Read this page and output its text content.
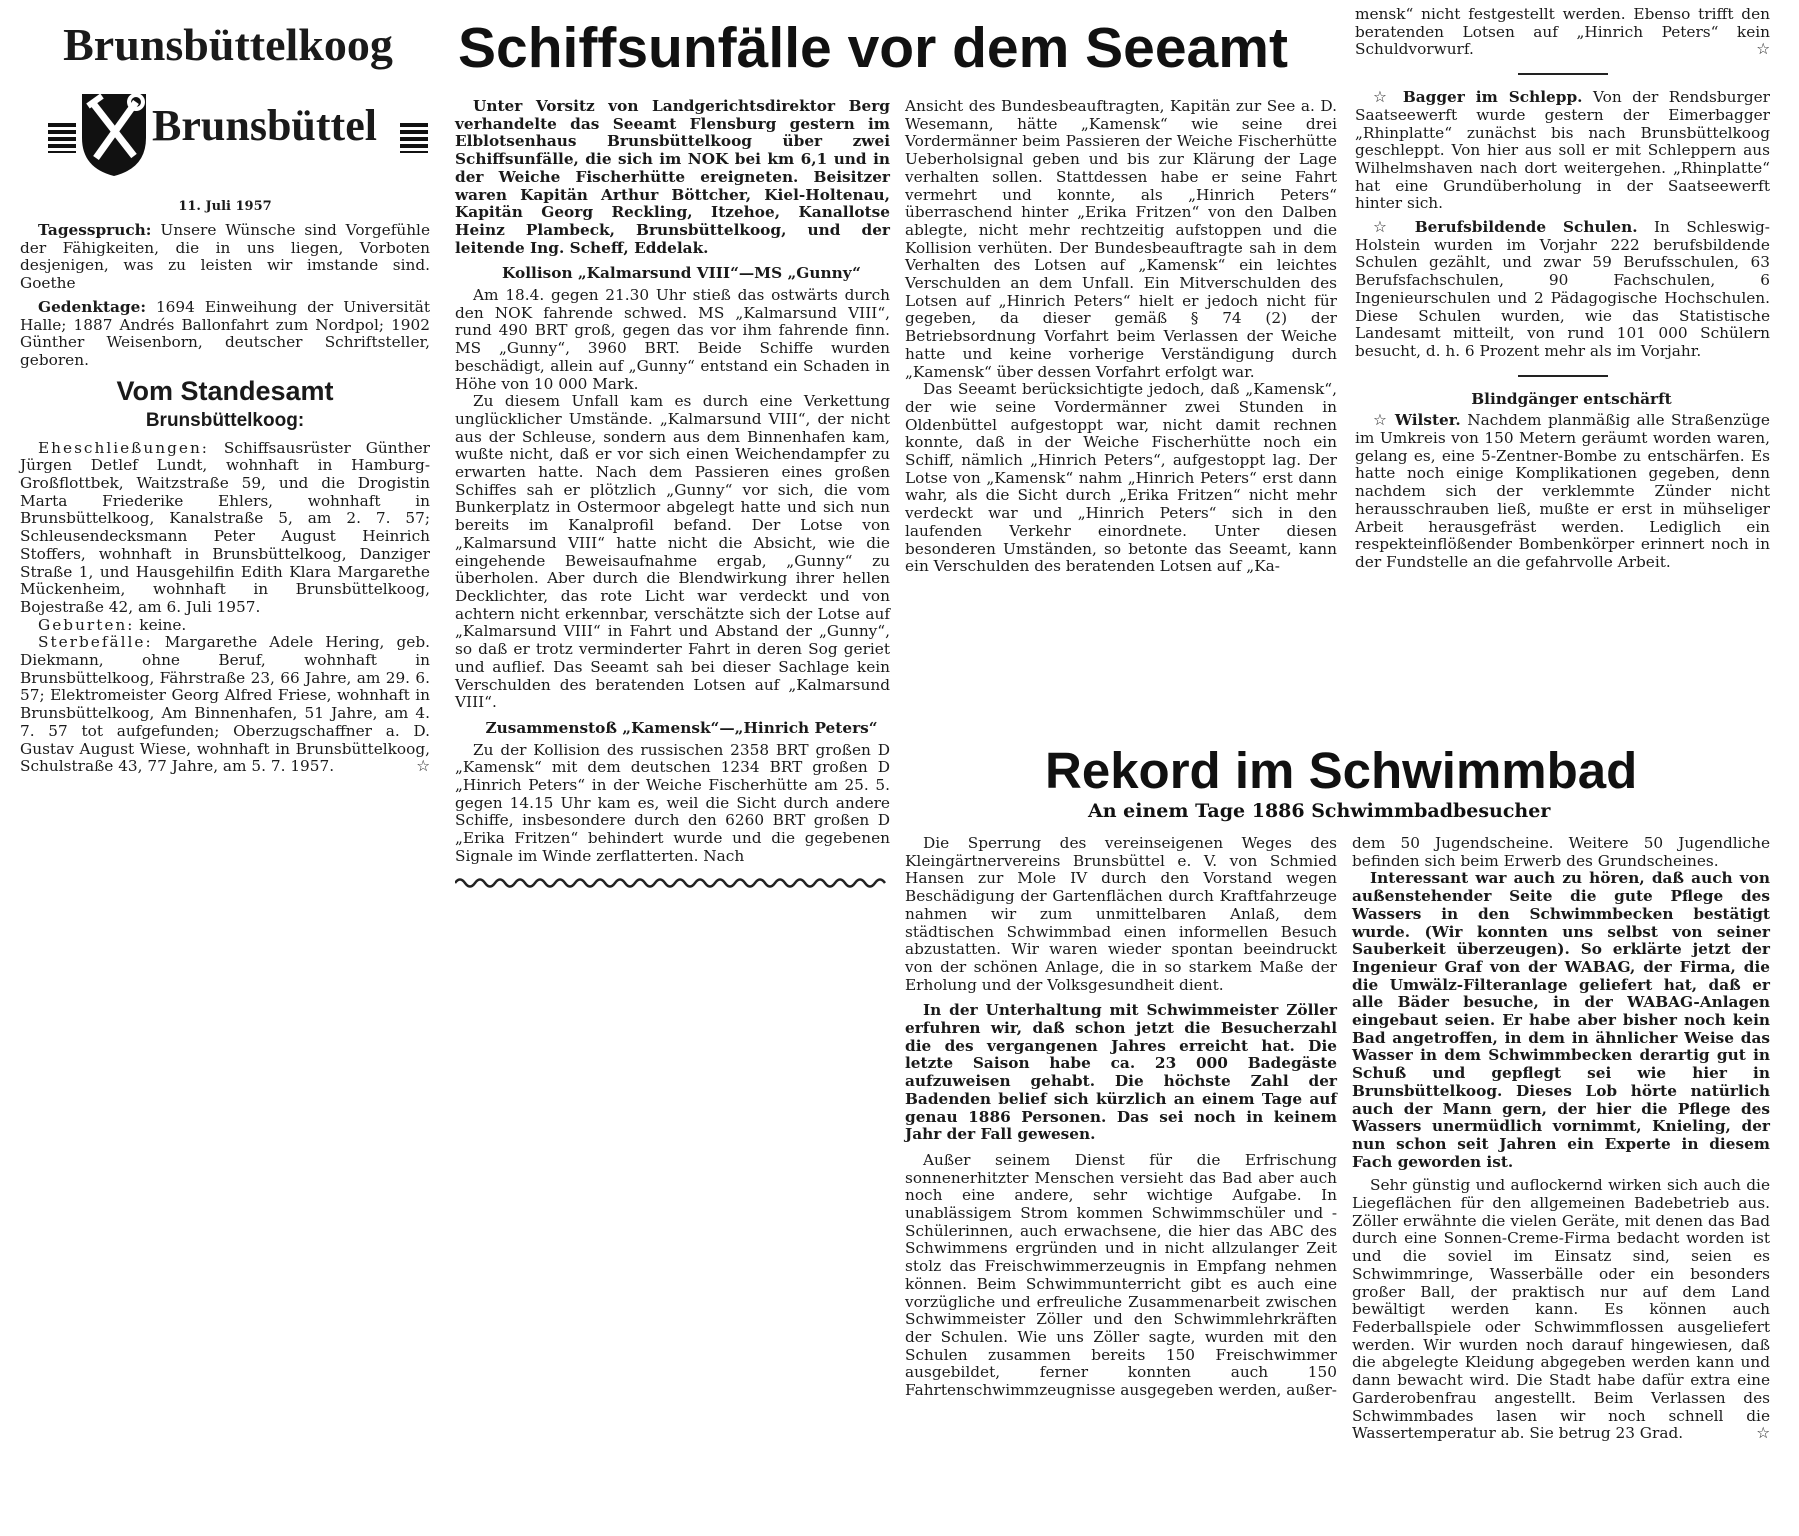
Brunsbüttelkoog
Brunsbüttel

11. Juli 1957

Tagesspruch: Unsere Wünsche sind Vorgefühle der Fähigkeiten, die in uns liegen, Vorboten desjenigen, was zu leisten wir imstande sind. Goethe

Gedenktage: 1694 Einweihung der Universität Halle; 1887 Andrés Ballonfahrt zum Nordpol; 1902 Günther Weisenborn, deutscher Schriftsteller, geboren.

Vom Standesamt

Brunsbüttelkoog:

Eheschließungen: Schiffsausrüster Günther Jürgen Detlef Lundt, wohnhaft in Hamburg-Großflottbek, Waitzstraße 59, und die Drogistin Marta Friederike Ehlers, wohnhaft in Brunsbüttelkoog, Kanalstraße 5, am 2. 7. 57; Schleusendecksmann Peter August Heinrich Stoffers, wohnhaft in Brunsbüttelkoog, Danziger Straße 1, und Hausgehilfin Edith Klara Margarethe Mückenheim, wohnhaft in Brunsbüttelkoog, Bojestraße 42, am 6. Juli 1957.

Geburten: keine.

Sterbefälle: Margarethe Adele Hering, geb. Diekmann, ohne Beruf, wohnhaft in Brunsbüttelkoog, Fährstraße 23, 66 Jahre, am 29. 6. 57; Elektromeister Georg Alfred Friese, wohnhaft in Brunsbüttelkoog, Am Binnenhafen, 51 Jahre, am 4. 7. 57 tot aufgefunden; Oberzugschaffner a. D. Gustav August Wiese, wohnhaft in Brunsbüttelkoog, Schulstraße 43, 77 Jahre, am 5. 7. 1957.	☆

Schiffsunfälle vor dem Seeamt

Unter Vorsitz von Landgerichtsdirektor Berg verhandelte das Seeamt Flensburg gestern im Elblotsenhaus Brunsbüttelkoog über zwei Schiffsunfälle, die sich im NOK bei km 6,1 und in der Weiche Fischerhütte ereigneten. Beisitzer waren Kapitän Arthur Böttcher, Kiel-Holtenau, Kapitän Georg Reckling, Itzehoe, Kanallotse Heinz Plambeck, Brunsbüttelkoog, und der leitende Ing. Scheff, Eddelak.

Kollison „Kalmarsund VIII“—MS „Gunny“

Am 18.4. gegen 21.30 Uhr stieß das ostwärts durch den NOK fahrende schwed. MS „Kalmarsund VIII“, rund 490 BRT groß, gegen das vor ihm fahrende finn. MS „Gunny“, 3960 BRT. Beide Schiffe wurden beschädigt, allein auf „Gunny“ entstand ein Schaden in Höhe von 10 000 Mark.

Zu diesem Unfall kam es durch eine Verkettung unglücklicher Umstände. „Kalmarsund VIII“, der nicht aus der Schleuse, sondern aus dem Binnenhafen kam, wußte nicht, daß er vor sich einen Weichendampfer zu erwarten hatte. Nach dem Passieren eines großen Schiffes sah er plötzlich „Gunny“ vor sich, die vom Bunkerplatz in Ostermoor abgelegt hatte und sich nun bereits im Kanalprofil befand. Der Lotse von „Kalmarsund VIII“ hatte nicht die Absicht, wie die eingehende Beweisaufnahme ergab, „Gunny“ zu überholen. Aber durch die Blendwirkung ihrer hellen Decklichter, das rote Licht war verdeckt und von achtern nicht erkennbar, verschätzte sich der Lotse auf „Kalmarsund VIII“ in Fahrt und Abstand der „Gunny“, so daß er trotz verminderter Fahrt in deren Sog geriet und auflief. Das Seeamt sah bei dieser Sachlage kein Verschulden des beratenden Lotsen auf „Kalmarsund VIII“.

Zusammenstoß „Kamensk“—„Hinrich Peters“

Zu der Kollision des russischen 2358 BRT großen D „Kamensk“ mit dem deutschen 1234 BRT großen D „Hinrich Peters“ in der Weiche Fischerhütte am 25. 5. gegen 14.15 Uhr kam es, weil die Sicht durch andere Schiffe, insbesondere durch den 6260 BRT großen D „Erika Fritzen“ behindert wurde und die gegebenen Signale im Winde zerflatterten. Nach

Ansicht des Bundesbeauftragten, Kapitän zur See a. D. Wesemann, hätte „Kamensk“ wie seine drei Vordermänner beim Passieren der Weiche Fischerhütte Ueberholsignal geben und bis zur Klärung der Lage verhalten sollen. Stattdessen habe er seine Fahrt vermehrt und konnte, als „Hinrich Peters“ überraschend hinter „Erika Fritzen“ von den Dalben ablegte, nicht mehr rechtzeitig aufstoppen und die Kollision verhüten. Der Bundesbeauftragte sah in dem Verhalten des Lotsen auf „Kamensk“ ein leichtes Verschulden an dem Unfall. Ein Mitverschulden des Lotsen auf „Hinrich Peters“ hielt er jedoch nicht für gegeben, da dieser gemäß § 74 (2) der Betriebsordnung Vorfahrt beim Verlassen der Weiche hatte und keine vorherige Verständigung durch „Kamensk“ über dessen Vorfahrt erfolgt war.

Das Seeamt berücksichtigte jedoch, daß „Kamensk“, der wie seine Vordermänner zwei Stunden in Oldenbüttel aufgestoppt war, nicht damit rechnen konnte, daß in der Weiche Fischerhütte noch ein Schiff, nämlich „Hinrich Peters“, aufgestoppt lag. Der Lotse von „Kamensk“ nahm „Hinrich Peters“ erst dann wahr, als die Sicht durch „Erika Fritzen“ nicht mehr verdeckt war und „Hinrich Peters“ sich in den laufenden Verkehr einordnete. Unter diesen besonderen Umständen, so betonte das Seeamt, kann ein Verschulden des beratenden Lotsen auf „Ka-

mensk“ nicht festgestellt werden. Ebenso trifft den beratenden Lotsen auf „Hinrich Peters“ kein Schuldvorwurf.	☆

☆ Bagger im Schlepp. Von der Rendsburger Saatseewerft wurde gestern der Eimerbagger „Rhinplatte“ zunächst bis nach Brunsbüttelkoog geschleppt. Von hier aus soll er mit Schleppern aus Wilhelmshaven nach dort weitergehen. „Rhinplatte“ hat eine Grundüberholung in der Saatseewerft hinter sich.

☆ Berufsbildende Schulen. In Schleswig-Holstein wurden im Vorjahr 222 berufsbildende Schulen gezählt, und zwar 59 Berufsschulen, 63 Berufsfachschulen, 90 Fachschulen, 6 Ingenieurschulen und 2 Pädagogische Hochschulen. Diese Schulen wurden, wie das Statistische Landesamt mitteilt, von rund 101 000 Schülern besucht, d. h. 6 Prozent mehr als im Vorjahr.

Blindgänger entschärft

☆ Wilster. Nachdem planmäßig alle Straßenzüge im Umkreis von 150 Metern geräumt worden waren, gelang es, eine 5-Zentner-Bombe zu entschärfen. Es hatte noch einige Komplikationen gegeben, denn nachdem sich der verklemmte Zünder nicht herausschrauben ließ, mußte er erst in mühseliger Arbeit herausgefräst werden. Lediglich ein respekteinflößender Bombenkörper erinnert noch in der Fundstelle an die gefahrvolle Arbeit.

Rekord im Schwimmbad
An einem Tage 1886 Schwimmbadbesucher

Die Sperrung des vereinseigenen Weges des Kleingärtnervereins Brunsbüttel e. V. von Schmied Hansen zur Mole IV durch den Vorstand wegen Beschädigung der Gartenflächen durch Kraftfahrzeuge nahmen wir zum unmittelbaren Anlaß, dem städtischen Schwimmbad einen informellen Besuch abzustatten. Wir waren wieder spontan beeindruckt von der schönen Anlage, die in so starkem Maße der Erholung und der Volksgesundheit dient.

In der Unterhaltung mit Schwimmeister Zöller erfuhren wir, daß schon jetzt die Besucherzahl die des vergangenen Jahres erreicht hat. Die letzte Saison habe ca. 23 000 Badegäste aufzuweisen gehabt. Die höchste Zahl der Badenden belief sich kürzlich an einem Tage auf genau 1886 Personen. Das sei noch in keinem Jahr der Fall gewesen.

Außer seinem Dienst für die Erfrischung sonnenerhitzter Menschen versieht das Bad aber auch noch eine andere, sehr wichtige Aufgabe. In unablässigem Strom kommen Schwimmschüler und -Schülerinnen, auch erwachsene, die hier das ABC des Schwimmens ergründen und in nicht allzulanger Zeit stolz das Freischwimmerzeugnis in Empfang nehmen können. Beim Schwimmunterricht gibt es auch eine vorzügliche und erfreuliche Zusammenarbeit zwischen Schwimmeister Zöller und den Schwimmlehrkräften der Schulen. Wie uns Zöller sagte, wurden mit den Schulen zusammen bereits 150 Freischwimmer ausgebildet, ferner konnten auch 150 Fahrtenschwimmzeugnisse ausgegeben werden, außer-

dem 50 Jugendscheine. Weitere 50 Jugendliche befinden sich beim Erwerb des Grundscheines.

Interessant war auch zu hören, daß auch von außenstehender Seite die gute Pflege des Wassers in den Schwimmbecken bestätigt wurde. (Wir konnten uns selbst von seiner Sauberkeit überzeugen). So erklärte jetzt der Ingenieur Graf von der WABAG, der Firma, die die Umwälz-Filteranlage geliefert hat, daß er alle Bäder besuche, in der WABAG-Anlagen eingebaut seien. Er habe aber bisher noch kein Bad angetroffen, in dem in ähnlicher Weise das Wasser in dem Schwimmbecken derartig gut in Schuß und gepflegt sei wie hier in Brunsbüttelkoog. Dieses Lob hörte natürlich auch der Mann gern, der hier die Pflege des Wassers unermüdlich vornimmt, Knieling, der nun schon seit Jahren ein Experte in diesem Fach geworden ist.

Sehr günstig und auflockernd wirken sich auch die Liegeflächen für den allgemeinen Badebetrieb aus. Zöller erwähnte die vielen Geräte, mit denen das Bad durch eine Sonnen-Creme-Firma bedacht worden ist und die soviel im Einsatz sind, seien es Schwimmringe, Wasserbälle oder ein besonders großer Ball, der praktisch nur auf dem Land bewältigt werden kann. Es können auch Federballspiele oder Schwimmflossen ausgeliefert werden. Wir wurden noch darauf hingewiesen, daß die abgelegte Kleidung abgegeben werden kann und dann bewacht wird. Die Stadt habe dafür extra eine Garderobenfrau angestellt. Beim Verlassen des Schwimmbades lasen wir noch schnell die Wassertemperatur ab. Sie betrug 23 Grad.	☆
